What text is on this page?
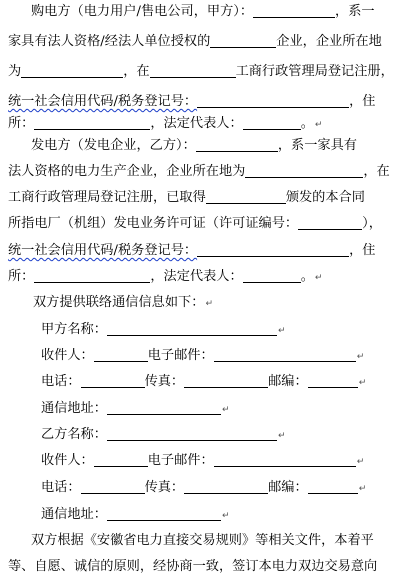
购电方（电力用户/售电公司，甲方）：	，系一
家具有法人资格/经法人单位授权的	企业，企业所在地
为	，在	工商行政管理局登记注册，
统一社会信用代码/税务登记号：	，住
所：	，法定代表人：	。↵
发电方（发电企业，乙方）：	，系一家具有
法人资格的电力生产企业，企业所在地为	，在
工商行政管理局登记注册，已取得	颁发的本合同
所指电厂（机组）发电业务许可证（许可证编号：	），
统一社会信用代码/税务登记号：	，住
所：	，法定代表人：	。↵
双方提供联络通信信息如下：↵
甲方名称：	↵
收件人：	电子邮件：	↵
电话：	传真：	邮编：	↵
通信地址：	↵
乙方名称：	↵
收件人：	电子邮件：	↵
电话：	传真：	邮编：	↵
通信地址：	↵
双方根据《安徽省电力直接交易规则》等相关文件，本着平
等、自愿、诚信的原则，经协商一致，签订本电力双边交易意向
